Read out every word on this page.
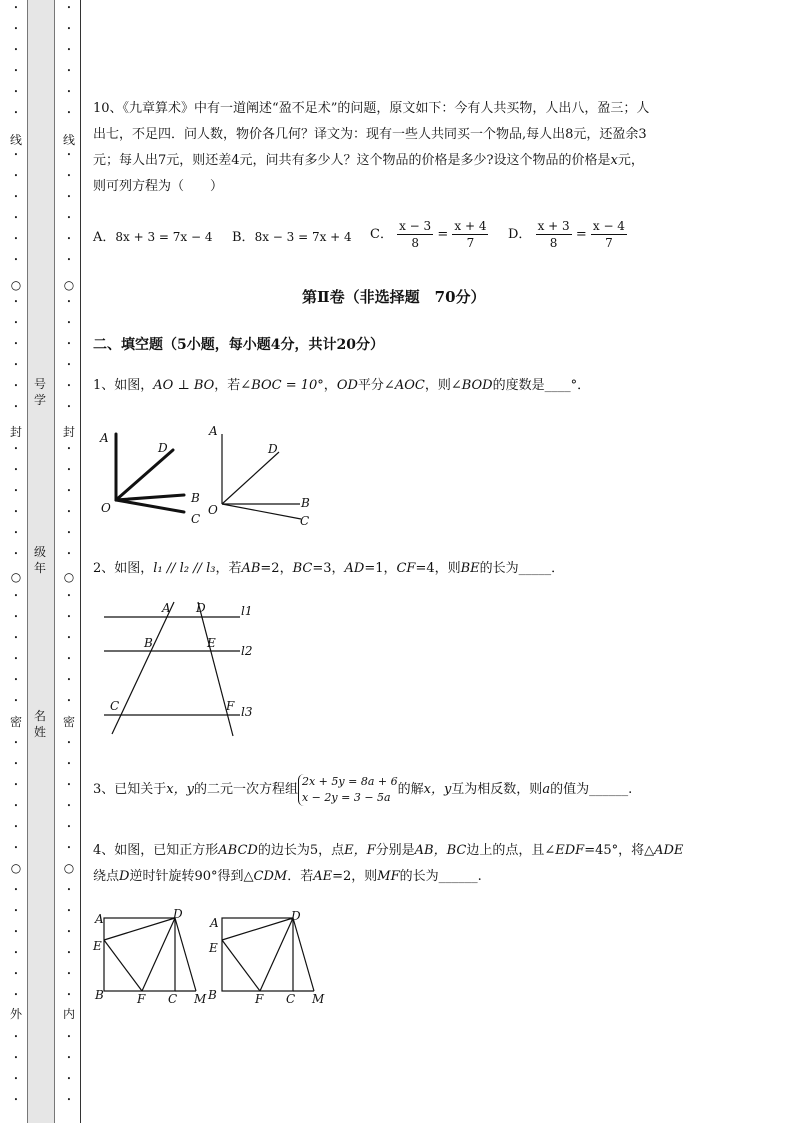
•
•
•
•
•
•
•
•
•
•
•
•
○
•
•
•
•
•
•
•
•
•
•
•
•
○
•
•
•
•
•
•
•
•
•
•
•
•
○
•
•
•
•
•
•
•
•
•
•
•
•
•
•
•
•
•
•
•
•
•
•
○
•
•
•
•
•
•
•
•
•
•
•
•
○
•
•
•
•
•
•
•
•
•
•
•
•
○
•
•
•
•
•
•
•
•
•
•
线
封
密
外
线
封
密
内
号学
级年
名姓
10、《九章算术》中有一道阐述“盈不足术”的问题，原文如下：今有人共买物，人出八，盈三；人
出七，不足四．问人数，物价各几何？译文为：现有一些人共同买一个物品,每人出8元，还盈余3
元；每人出7元，则还差4元，问共有多少人？这个物品的价格是多少?设这个物品的价格是x元，
则可列方程为（　　）
A．8x + 3 = 7x − 4 B．8x − 3 = 7x + 4 C． $\frac{x - 3}{8} = \frac{x + 4}{7}$ D． $\frac{x + 3}{8} = \frac{x - 4}{7}$
第Ⅱ卷（非选择题　70分）
二、填空题（5小题，每小题4分，共计20分）
1、如图，AO ⊥ BO，若∠BOC = 10°，OD平分∠AOC，则∠BOD的度数是____°．
A
D
B
C
O
A
D
B
C
O
2、如图，l₁ // l₂ // l₃，若AB=2，BC=3，AD=1，CF=4，则BE的长为_____．
A D
B	E
C	F
l1
l2
l3
3、已知关于x，y的二元一次方程组
2x + 5y = 8a + 6
x − 2y = 3 − 5a 的解x，y互为相反数，则a的值为______.
4、如图，已知正方形ABCD的边长为5，点E，F分别是AB，BC边上的点，且∠EDF=45°，将△ADE
绕点D逆时针旋转90°得到△CDM．若AE=2，则MF的长为______.
A	D
E
B	F C M
A	D
E
B	F C M
